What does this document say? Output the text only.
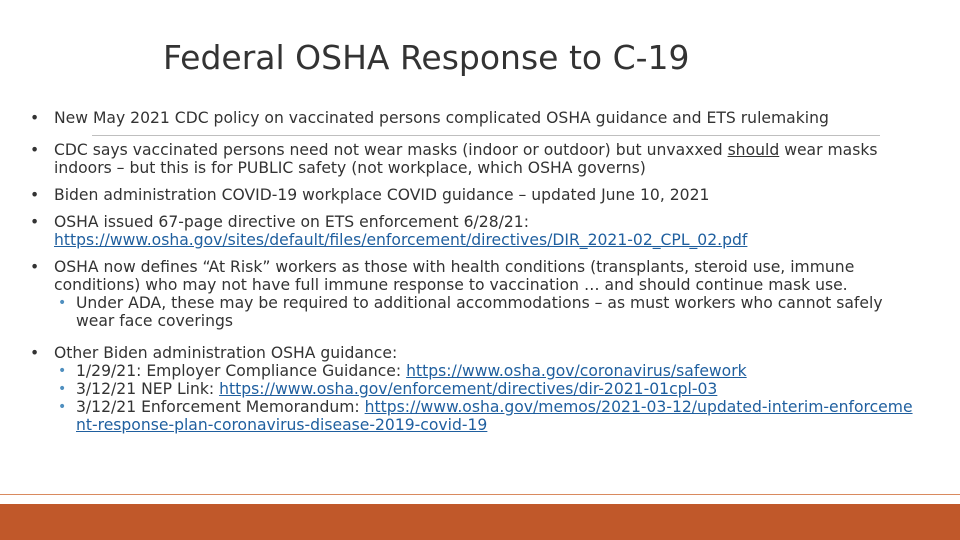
Federal OSHA Response to C-19
• New May 2021 CDC policy on vaccinated persons complicated OSHA guidance and ETS rulemaking
• CDC says vaccinated persons need not wear masks (indoor or outdoor) but unvaxxed should wear masks indoors – but this is for PUBLIC safety (not workplace, which OSHA governs)
• Biden administration COVID-19 workplace COVID guidance – updated June 10, 2021
• OSHA issued 67-page directive on ETS enforcement 6/28/21:
https://www.osha.gov/sites/default/files/enforcement/directives/DIR_2021-02_CPL_02.pdf
• OSHA now defines “At Risk” workers as those with health conditions (transplants, steroid use, immune conditions) who may not have full immune response to vaccination … and should continue mask use.
• Under ADA, these may be required to additional accommodations – as must workers who cannot safely wear face coverings
• Other Biden administration OSHA guidance:
• 1/29/21: Employer Compliance Guidance: https://www.osha.gov/coronavirus/safework
• 3/12/21 NEP Link: https://www.osha.gov/enforcement/directives/dir-2021-01cpl-03
• 3/12/21 Enforcement Memorandum: https://www.osha.gov/memos/2021-03-12/updated-interim-enforcement-response-plan-coronavirus-disease-2019-covid-19
